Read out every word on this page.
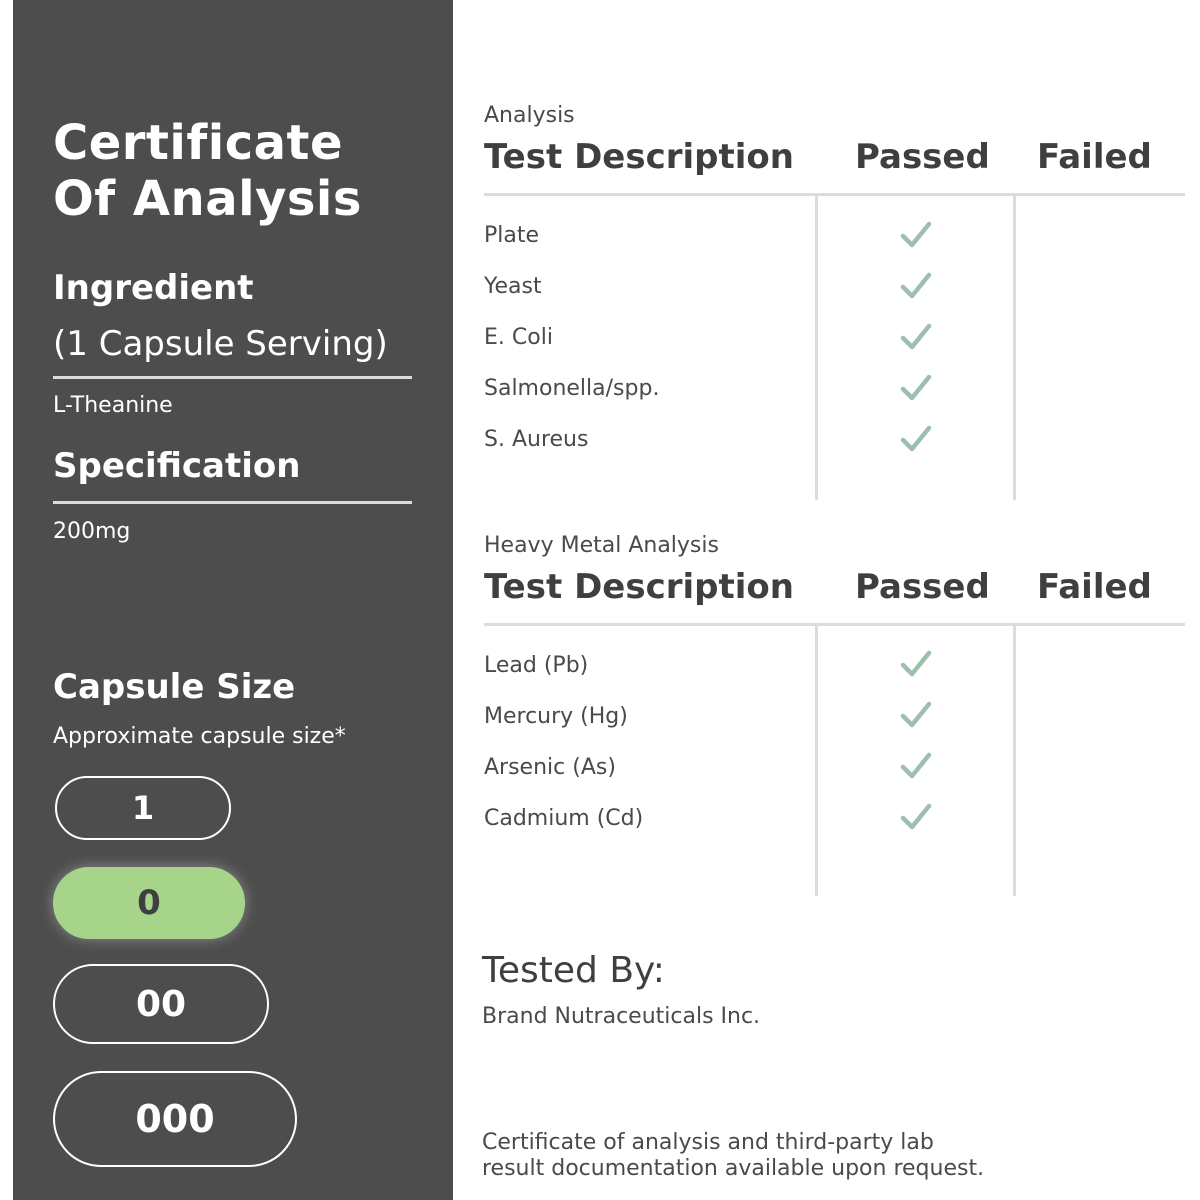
Certificate
Of Analysis
Ingredient
(1 Capsule Serving)
L-Theanine
Specification
200mg
Capsule Size
Approximate capsule size*
1
0
00
000
Analysis
Test Description Passed Failed
Plate
Yeast
E. Coli
Salmonella/spp.
S. Aureus
Heavy Metal Analysis
Test Description Passed Failed
Lead (Pb)
Mercury (Hg)
Arsenic (As)
Cadmium (Cd)
Tested By:
Brand Nutraceuticals Inc.
Certificate of analysis and third-party lab
result documentation available upon request.
